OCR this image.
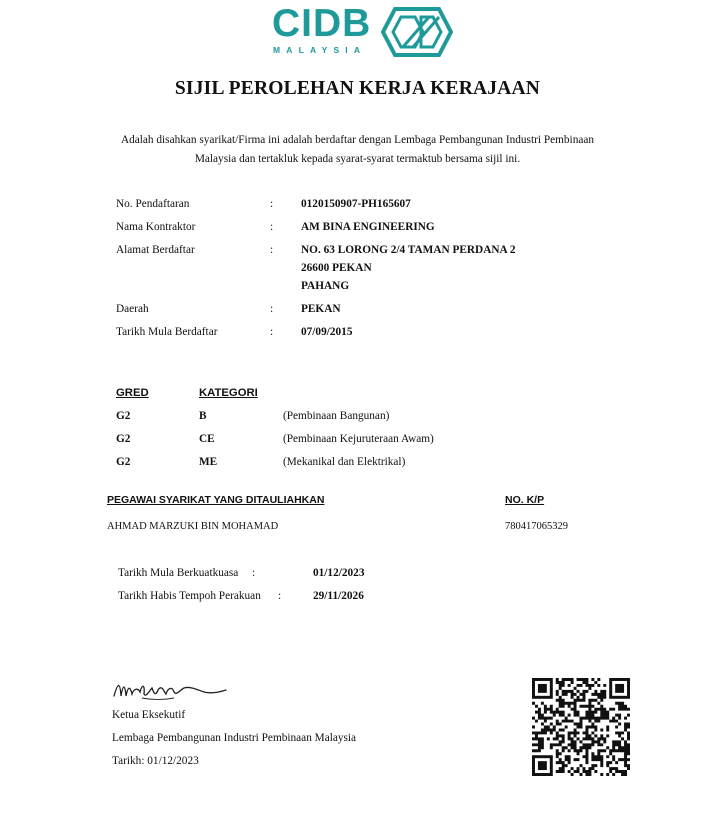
CIDB
MALAYSIA
SIJIL PEROLEHAN KERJA KERAJAAN
Adalah disahkan syarikat/Firma ini adalah berdaftar dengan Lembaga Pembangunan Industri Pembinaan
Malaysia dan tertakluk kepada syarat-syarat termaktub bersama sijil ini.
No. Pendaftaran	: 0120150907-PH165607
Nama Kontraktor	: AM BINA ENGINEERING
Alamat Berdaftar	: NO. 63 LORONG 2/4 TAMAN PERDANA 2
26600 PEKAN
PAHANG
Daerah	: PEKAN
Tarikh Mula Berdaftar	: 07/09/2015
GRED	KATEGORI
G2	B	(Pembinaan Bangunan)
G2	CE	(Pembinaan Kejuruteraan Awam)
G2	ME	(Mekanikal dan Elektrikal)
PEGAWAI SYARIKAT YANG DITAULIAHKAN	NO. K/P
AHMAD MARZUKI BIN MOHAMAD	780417065329
Tarikh Mula Berkuatkuasa :	01/12/2023
Tarikh Habis Tempoh Perakuan :	29/11/2026
Ketua Eksekutif
Lembaga Pembangunan Industri Pembinaan Malaysia
Tarikh: 01/12/2023
